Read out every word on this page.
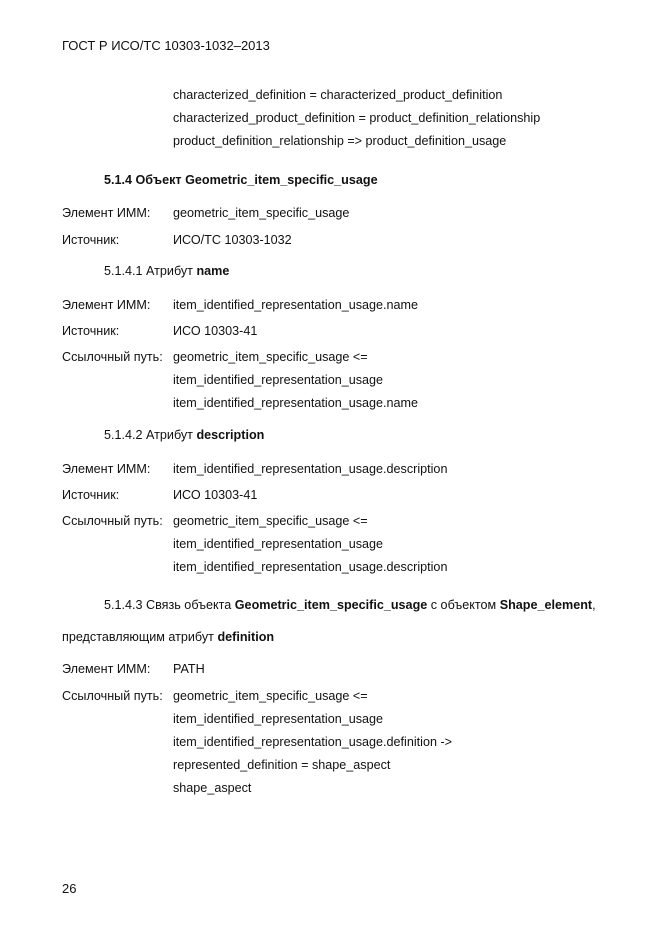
ГОСТ Р ИСО/ТС 10303-1032–2013
characterized_definition = characterized_product_definition
characterized_product_definition = product_definition_relationship
product_definition_relationship => product_definition_usage
5.1.4 Объект Geometric_item_specific_usage
Элемент ИММ: geometric_item_specific_usage
Источник:	ИСО/ТС 10303-1032
5.1.4.1 Атрибут name
Элемент ИММ: item_identified_representation_usage.name
Источник:	ИСО 10303-41
Ссылочный путь: geometric_item_specific_usage <=
item_identified_representation_usage
item_identified_representation_usage.name
5.1.4.2 Атрибут description
Элемент ИММ: item_identified_representation_usage.description
Источник:	ИСО 10303-41
Ссылочный путь: geometric_item_specific_usage <=
item_identified_representation_usage
item_identified_representation_usage.description
5.1.4.3 Связь объекта Geometric_item_specific_usage с объектом Shape_element,
представляющим атрибут definition
Элемент ИММ: PATH
Ссылочный путь: geometric_item_specific_usage <=
item_identified_representation_usage
item_identified_representation_usage.definition ->
represented_definition = shape_aspect
shape_aspect
26
